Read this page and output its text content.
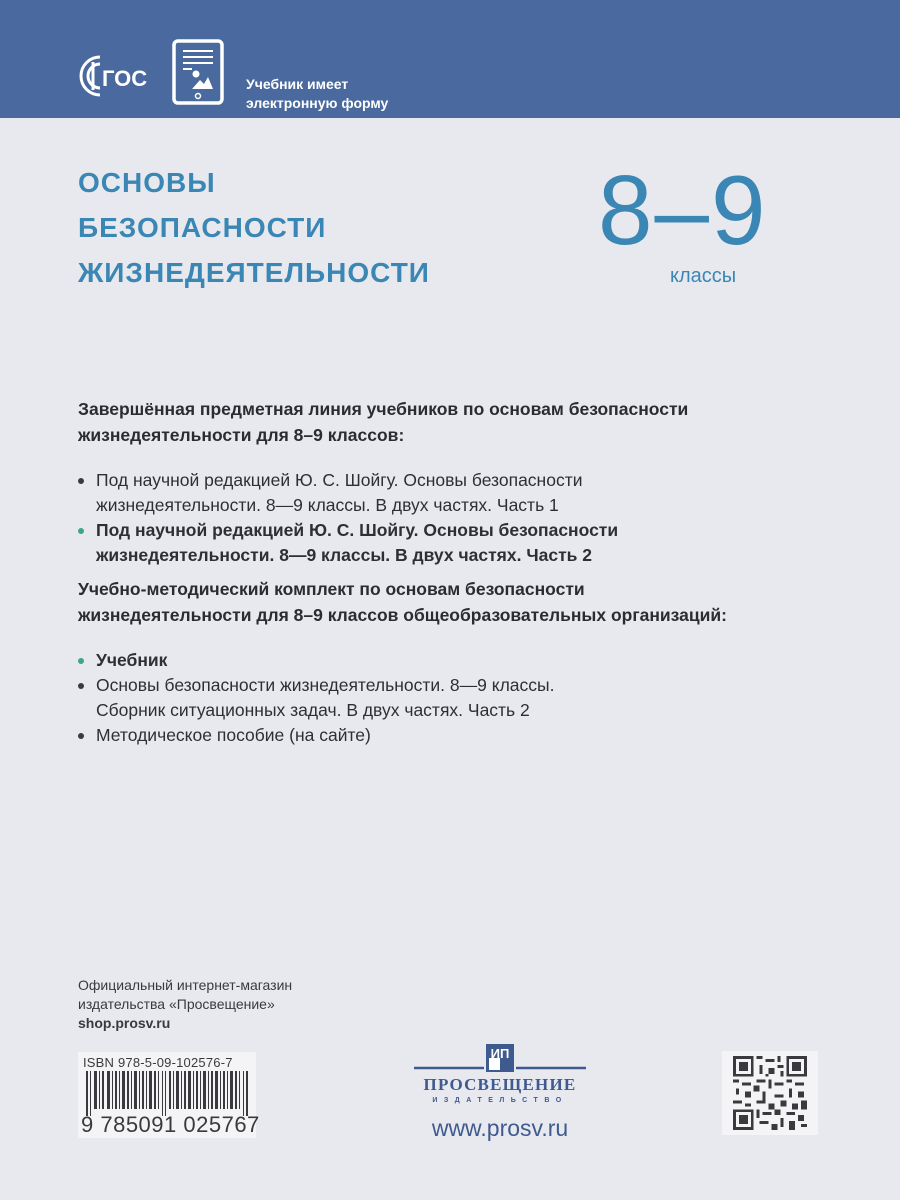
ГОС	Учебник имеет
электронную форму
ОСНОВЫ
БЕЗОПАСНОСТИ
ЖИЗНЕДЕЯТЕЛЬНОСТИ
8–9
классы
Завершённая предметная линия учебников по основам безопасности
жизнедеятельности для 8–9 классов:
Под научной редакцией Ю. С. Шойгу. Основы безопасности
жизнедеятельности. 8—9 классы. В двух частях. Часть 1
Под научной редакцией Ю. С. Шойгу. Основы безопасности
жизнедеятельности. 8—9 классы. В двух частях. Часть 2
Учебно-методический комплект по основам безопасности
жизнедеятельности для 8–9 классов общеобразовательных организаций:
Учебник
Основы безопасности жизнедеятельности. 8—9 классы.
Сборник ситуационных задач. В двух частях. Часть 2
Методическое пособие (на сайте)
Официальный интернет-магазин
издательства «Просвещение»
shop.prosv.ru
ISBN 978-5-09-102576-7
9 785091 025767
ИП
ПРОСВЕЩЕНИЕ
ИЗДАТЕЛЬСТВО
www.prosv.ru
